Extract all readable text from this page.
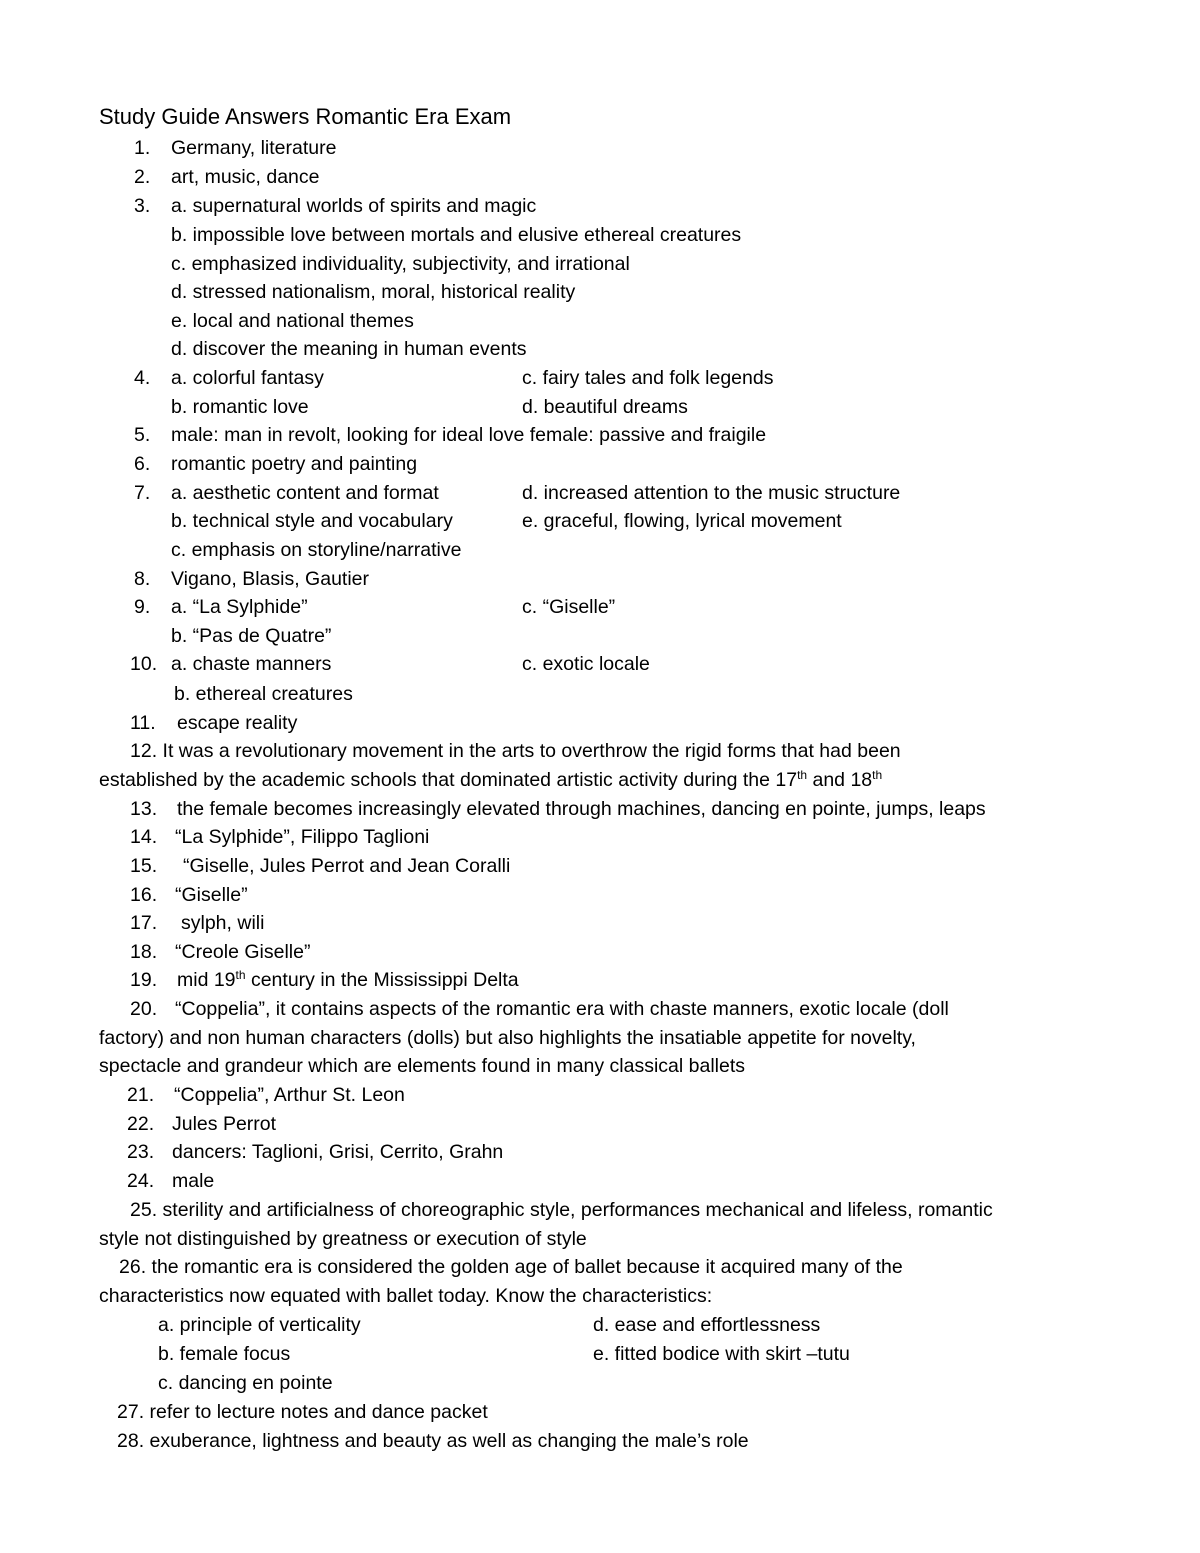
Study Guide Answers Romantic Era Exam
1. Germany, literature
2. art, music, dance
3. a. supernatural worlds of spirits and magic
b. impossible love between mortals and elusive ethereal creatures
c. emphasized individuality, subjectivity, and irrational
d. stressed nationalism, moral, historical reality
e. local and national themes
d. discover the meaning in human events
4. a. colorful fantasy	c. fairy tales and folk legends
b. romantic love	d. beautiful dreams
5. male: man in revolt, looking for ideal love female: passive and fraigile
6. romantic poetry and painting
7. a. aesthetic content and format	d. increased attention to the music structure
b. technical style and vocabulary	e. graceful, flowing, lyrical movement
c. emphasis on storyline/narrative
8. Vigano, Blasis, Gautier
9. a. “La Sylphide”	c. “Giselle”
b. “Pas de Quatre”
10. a. chaste manners	c. exotic locale
b. ethereal creatures
11. escape reality
12. It was a revolutionary movement in the arts to overthrow the rigid forms that had been
established by the academic schools that dominated artistic activity during the 17th and 18th
13. the female becomes increasingly elevated through machines, dancing en pointe, jumps, leaps
14. “La Sylphide”, Filippo Taglioni
15. “Giselle, Jules Perrot and Jean Coralli
16. “Giselle”
17. sylph, wili
18. “Creole Giselle”
19. mid 19th century in the Mississippi Delta
20. “Coppelia”, it contains aspects of the romantic era with chaste manners, exotic locale (doll
factory) and non human characters (dolls) but also highlights the insatiable appetite for novelty,
spectacle and grandeur which are elements found in many classical ballets
21. “Coppelia”, Arthur St. Leon
22. Jules Perrot
23. dancers: Taglioni, Grisi, Cerrito, Grahn
24. male
25. sterility and artificialness of choreographic style, performances mechanical and lifeless, romantic
style not distinguished by greatness or execution of style
26. the romantic era is considered the golden age of ballet because it acquired many of the
characteristics now equated with ballet today. Know the characteristics:
a. principle of verticality	d. ease and effortlessness
b. female focus	e. fitted bodice with skirt –tutu
c. dancing en pointe
27. refer to lecture notes and dance packet
28. exuberance, lightness and beauty as well as changing the male’s role
